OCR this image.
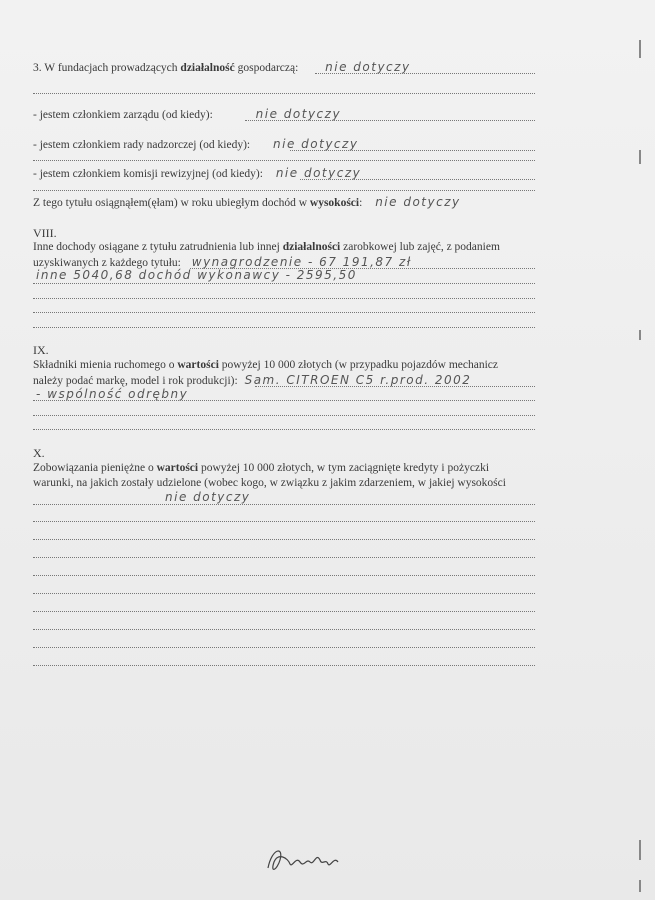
3. W fundacjach prowadzących działalność gospodarczą: nie dotyczy
- jestem członkiem zarządu (od kiedy):	nie dotyczy
- jestem członkiem rady nadzorczej (od kiedy): nie dotyczy
- jestem członkiem komisji rewizyjnej (od kiedy): nie dotyczy
Z tego tytułu osiągnąłem(ęłam) w roku ubiegłym dochód w wysokości: nie dotyczy
VIII.
Inne dochody osiągane z tytułu zatrudnienia lub innej działalności zarobkowej lub zajęć, z podaniem
uzyskiwanych z każdego tytułu: wynagrodzenie - 67 191,87 zł
inne 5040,68 dochód wykonawcy - 2595,50
IX.
Składniki mienia ruchomego o wartości powyżej 10 000 złotych (w przypadku pojazdów mechanicz
należy podać markę, model i rok produkcji): Sam. CITROEN C5 r.prod. 2002
- wspólność odrębny
X.
Zobowiązania pieniężne o wartości powyżej 10 000 złotych, w tym zaciągnięte kredyty i pożyczki
warunki, na jakich zostały udzielone (wobec kogo, w związku z jakim zdarzeniem, w jakiej wysokości
nie dotyczy
